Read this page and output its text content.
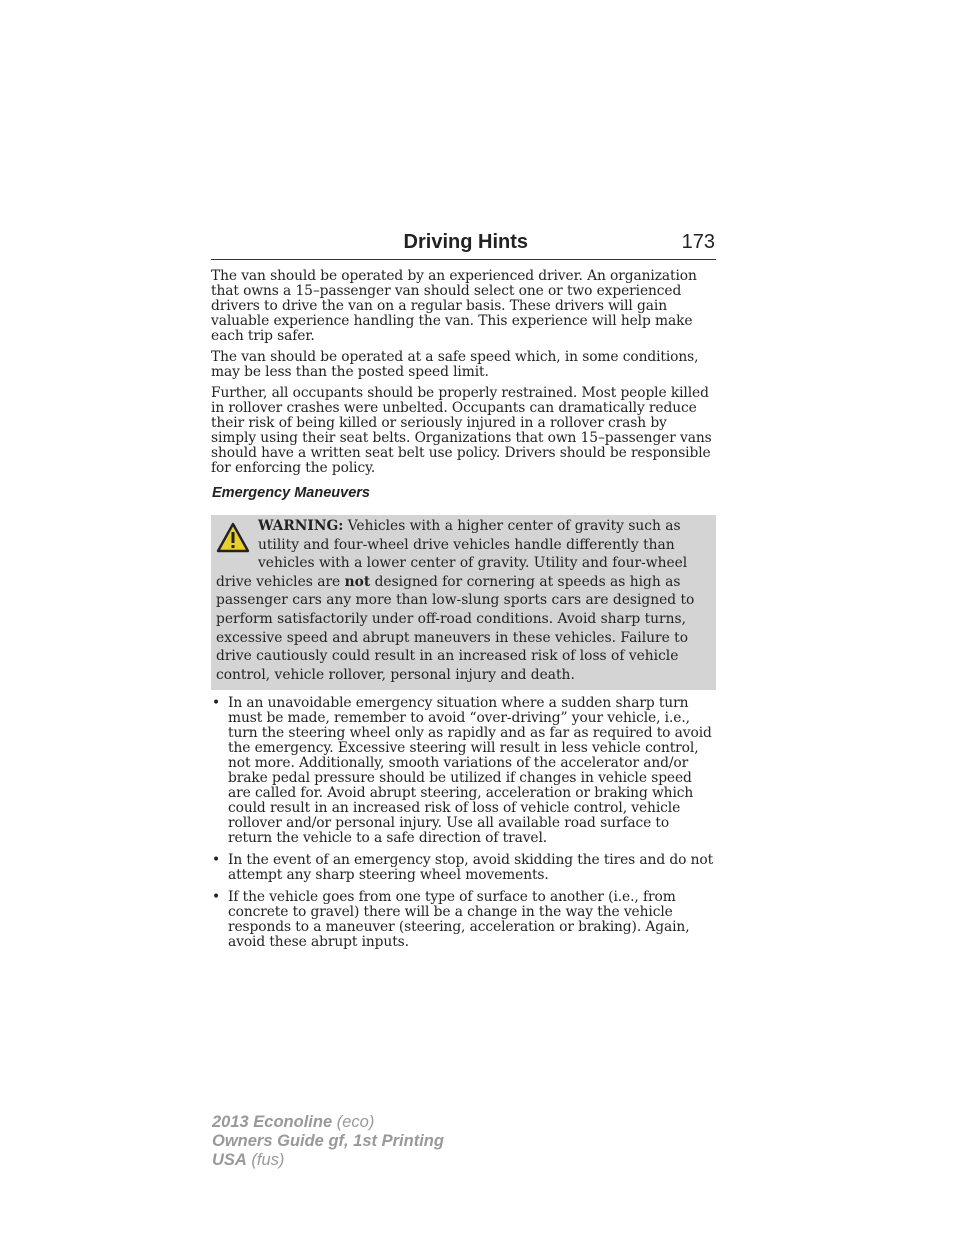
Driving Hints	173

The van should be operated by an experienced driver. An organization that owns a 15–passenger van should select one or two experienced drivers to drive the van on a regular basis. These drivers will gain valuable experience handling the van. This experience will help make each trip safer.

The van should be operated at a safe speed which, in some conditions, may be less than the posted speed limit.

Further, all occupants should be properly restrained. Most people killed in rollover crashes were unbelted. Occupants can dramatically reduce their risk of being killed or seriously injured in a rollover crash by simply using their seat belts. Organizations that own 15–passenger vans should have a written seat belt use policy. Drivers should be responsible for enforcing the policy.

Emergency Maneuvers
WARNING: Vehicles with a higher center of gravity such as utility and four-wheel drive vehicles handle differently than vehicles with a lower center of gravity. Utility and four-wheel drive vehicles are not designed for cornering at speeds as high as passenger cars any more than low-slung sports cars are designed to perform satisfactorily under off-road conditions. Avoid sharp turns, excessive speed and abrupt maneuvers in these vehicles. Failure to drive cautiously could result in an increased risk of loss of vehicle control, vehicle rollover, personal injury and death.
• In an unavoidable emergency situation where a sudden sharp turn must be made, remember to avoid “over-driving” your vehicle, i.e., turn the steering wheel only as rapidly and as far as required to avoid the emergency. Excessive steering will result in less vehicle control, not more. Additionally, smooth variations of the accelerator and/or brake pedal pressure should be utilized if changes in vehicle speed are called for. Avoid abrupt steering, acceleration or braking which could result in an increased risk of loss of vehicle control, vehicle rollover and/or personal injury. Use all available road surface to return the vehicle to a safe direction of travel.
• In the event of an emergency stop, avoid skidding the tires and do not attempt any sharp steering wheel movements.
• If the vehicle goes from one type of surface to another (i.e., from concrete to gravel) there will be a change in the way the vehicle responds to a maneuver (steering, acceleration or braking). Again, avoid these abrupt inputs.
2013 Econoline (eco)
Owners Guide gf, 1st Printing
USA (fus)
